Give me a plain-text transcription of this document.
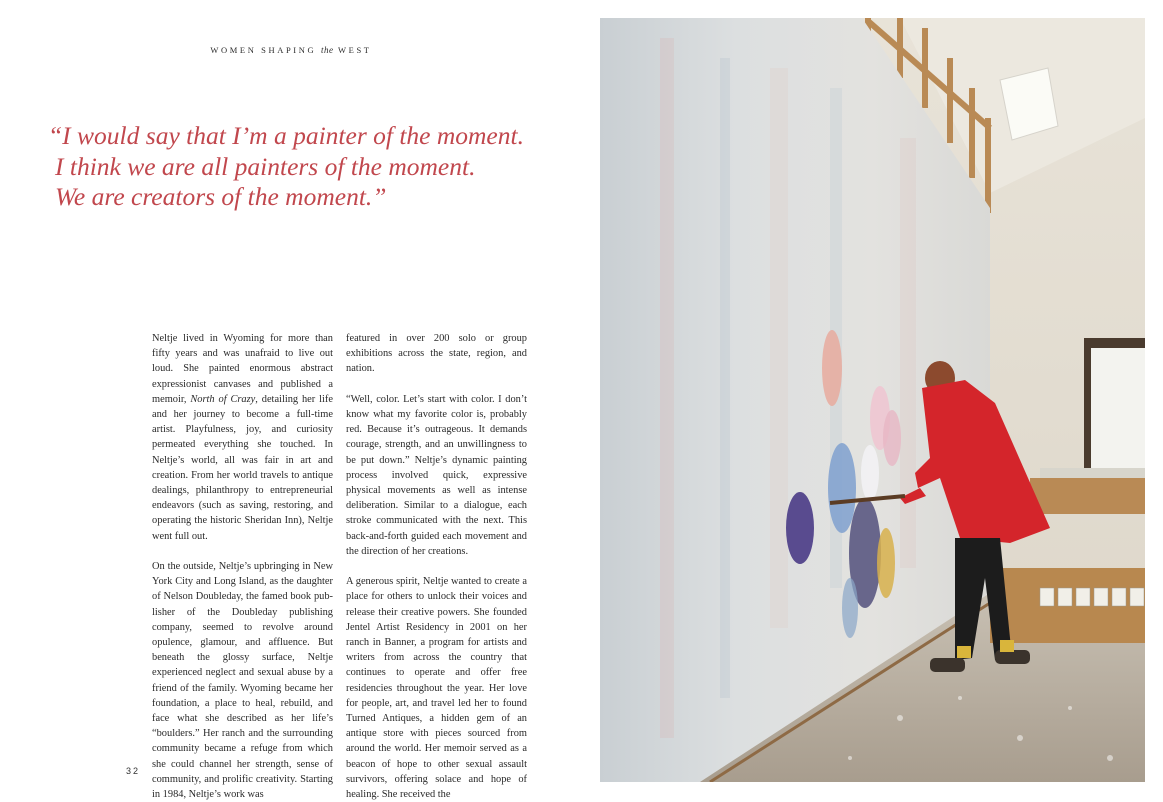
WOMEN SHAPING the WEST
“I would say that I’m a painter of the moment.
I think we are all painters of the moment.
We are creators of the moment.”

Neltje lived in Wyoming for more than fifty years and was unafraid to live out loud. She painted enormous abstract expressionist canvases and published a memoir, North of Crazy, detailing her life and her journey to become a full-time artist. Playfulness, joy, and curiosity permeated everything she touched. In Neltje’s world, all was fair in art and creation. From her world travels to antique dealings, philanthropy to entrepreneurial endeavors (such as saving, restoring, and operating the historic Sheridan Inn), Neltje went full out.

On the outside, Neltje’s upbringing in New York City and Long Island, as the daughter of Nelson Doubleday, the famed book publisher of the Doubleday publishing company, seemed to revolve around opulence, glamour, and affluence. But beneath the glossy surface, Neltje experienced neglect and sexual abuse by a friend of the family. Wyoming became her foundation, a place to heal, rebuild, and face what she described as her life’s “boulders.” Her ranch and the surrounding community became a refuge from which she could channel her strength, sense of community, and prolific creativity. Starting in 1984, Neltje’s work was

featured in over 200 solo or group exhibitions across the state, region, and nation.

“Well, color. Let’s start with color. I don’t know what my favorite color is, probably red. Because it’s outrageous. It demands courage, strength, and an unwillingness to be put down.” Neltje’s dynamic painting process involved quick, expressive physical movements as well as intense deliberation. Similar to a dialogue, each stroke communicated with the next. This back-and-forth guided each movement and the direction of her creations.

A generous spirit, Neltje wanted to create a place for others to unlock their voices and release their creative powers. She founded Jentel Artist Residency in 2001 on her ranch in Banner, a program for artists and writers from across the country that continues to operate and offer free residencies throughout the year. Her love for people, art, and travel led her to found Turned Antiques, a hidden gem of an antique store with pieces sourced from around the world. Her memoir served as a beacon of hope to other sexual assault survivors, offering solace and hope of healing. She received the

32
